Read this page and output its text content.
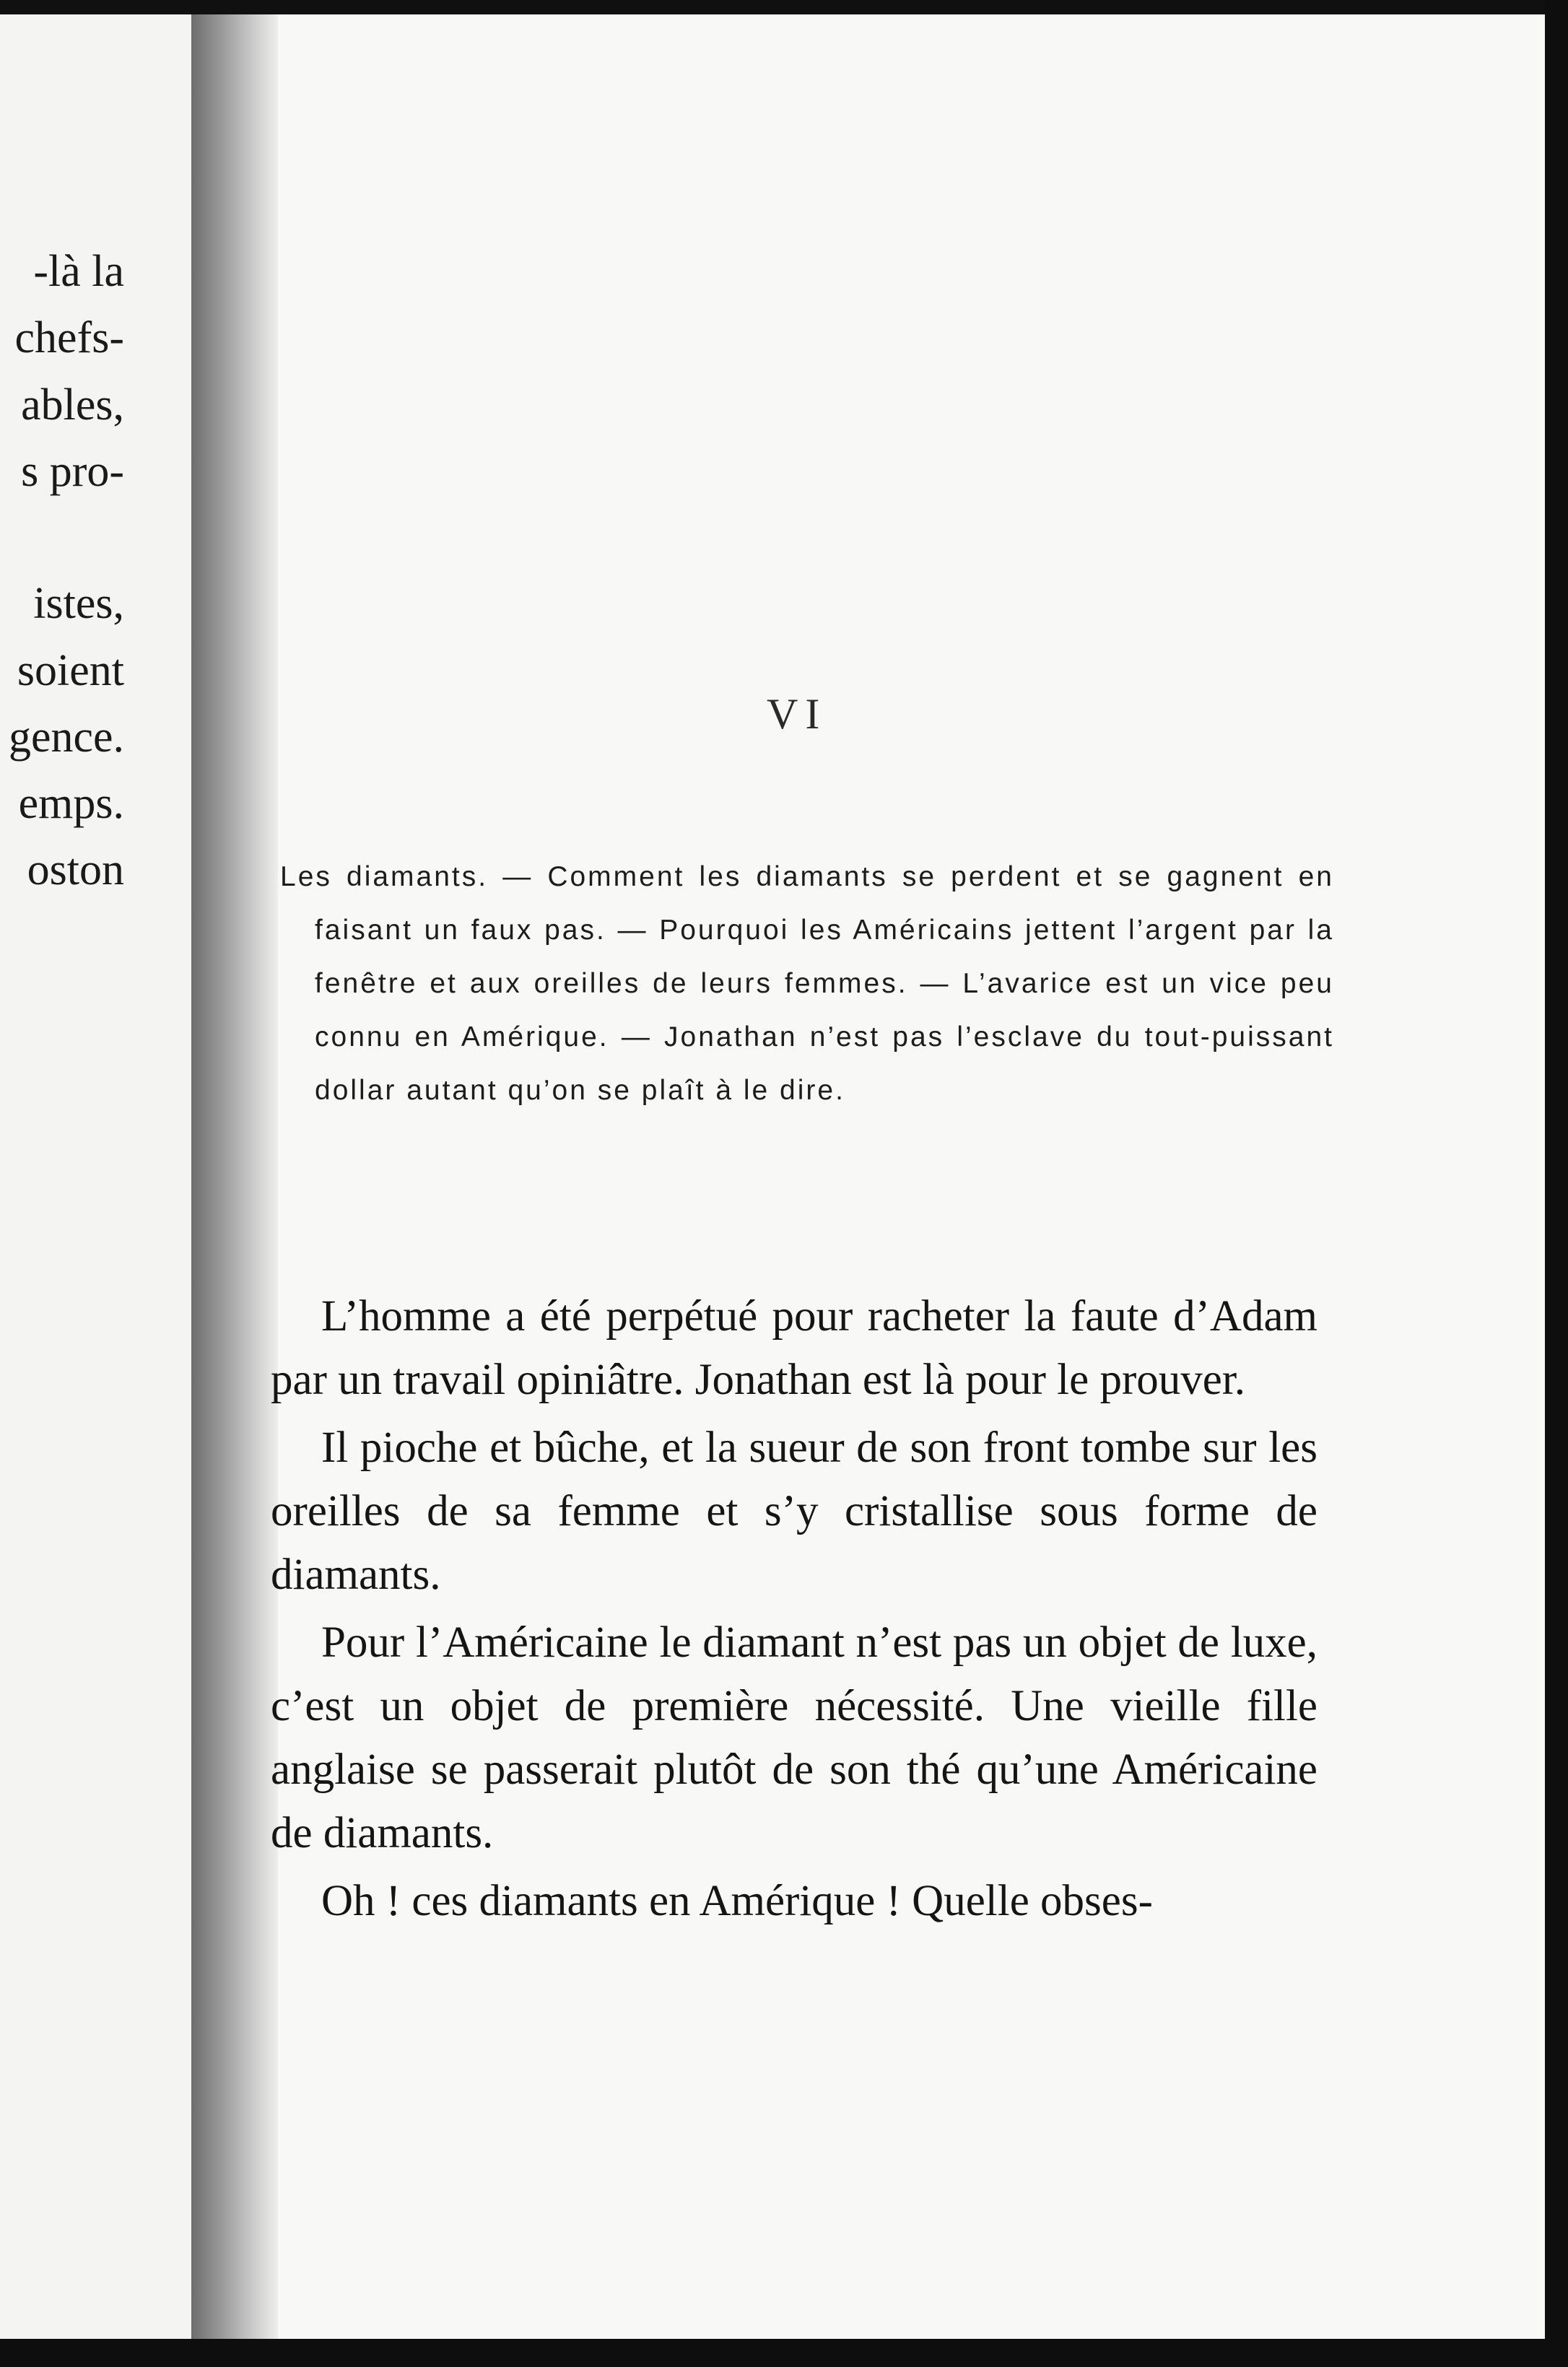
-là la
chefs-
ables,
s pro-
istes,
soient
gence.
emps.
oston
VI

Les diamants. — Comment les diamants se perdent et se gagnent en faisant un faux pas. — Pourquoi les Américains jettent l’argent par la fenêtre et aux oreilles de leurs femmes. — L’avarice est un vice peu connu en Amérique. — Jonathan n’est pas l’esclave du tout-puissant dollar autant qu’on se plaît à le dire.

L’homme a été perpétué pour racheter la faute d’Adam par un travail opiniâtre. Jonathan est là pour le prouver.

Il pioche et bûche, et la sueur de son front tombe sur les oreilles de sa femme et s’y cristallise sous forme de diamants.

Pour l’Américaine le diamant n’est pas un objet de luxe, c’est un objet de première nécessité. Une vieille fille anglaise se passerait plutôt de son thé qu’une Américaine de diamants.

Oh ! ces diamants en Amérique ! Quelle obses-
